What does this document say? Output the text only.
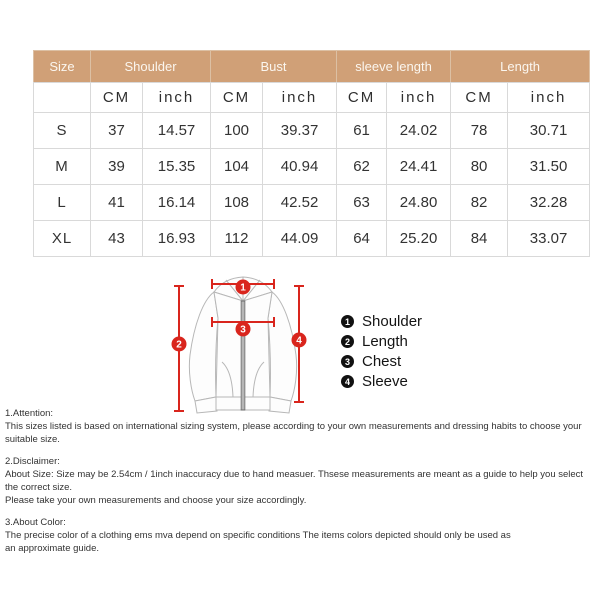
Size	Shoulder		Bust		sleeve length		Length	
	CM	inch	CM	inch	CM	inch	CM	inch
S	37	14.57	100	39.37	61	24.02	78	30.71
M	39	15.35	104	40.94	62	24.41	80	31.50
L	41	16.14	108	42.52	63	24.80	82	32.28
XL	43	16.93	112	44.09	64	25.20	84	33.07
1
2
3
4
1 Shoulder
2 Length
3 Chest
4 Sleeve
1.Attention:
This sizes listed is based on international sizing system, please according to your own measurements and dressing habits to choose your suitable size.
2.Disclaimer:
About Size: Size may be 2.54cm / 1inch inaccuracy due to hand measuer. Thsese measurements are meant as a guide to help you select the correct size.
Please take your own measurements and choose your size accordingly.
3.About Color:
The precise color of a clothing ems mva depend on specific conditions The items colors depicted should only be used as
an approximate guide.
